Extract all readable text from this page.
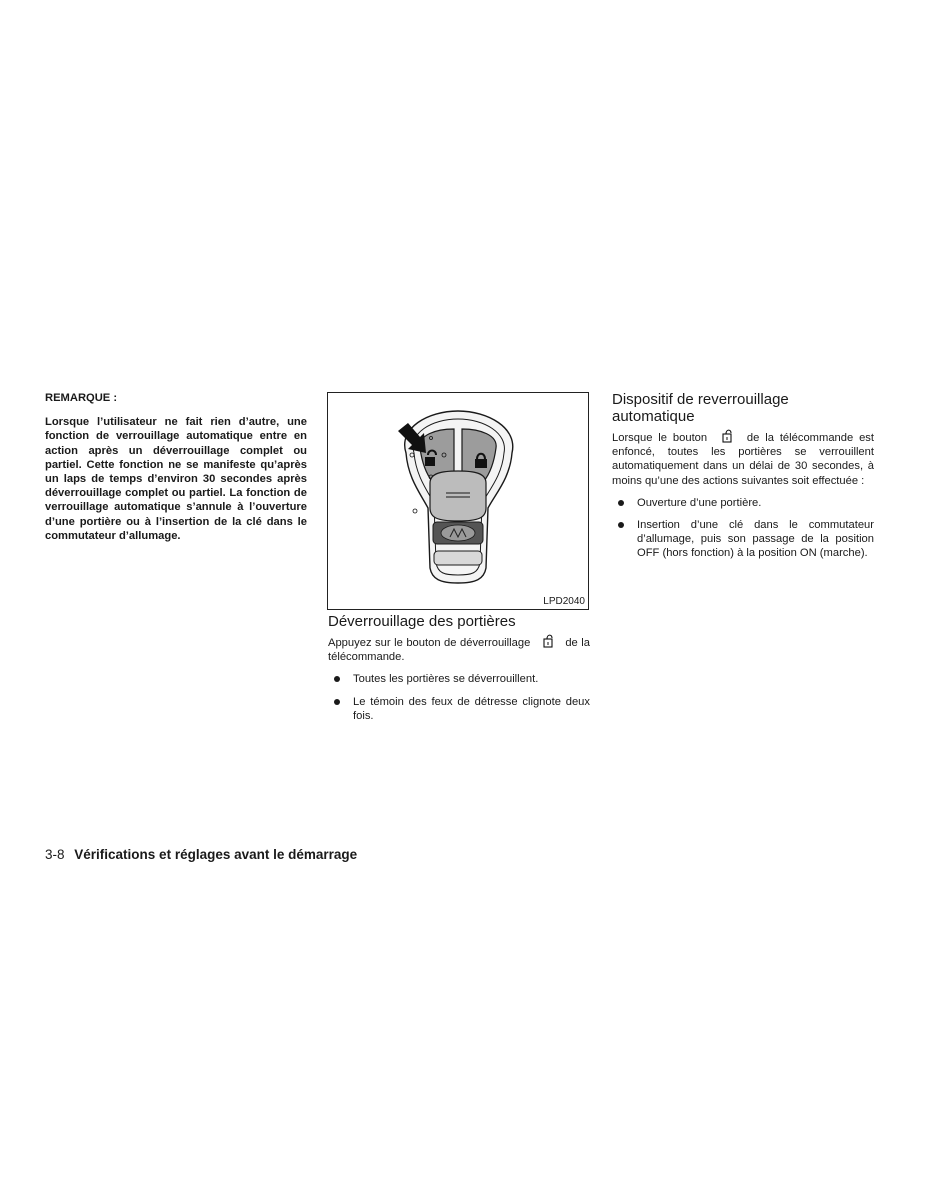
REMARQUE :
Lorsque l’utilisateur ne fait rien d’autre, une fonction de verrouillage automatique entre en action après un déverrouillage complet ou partiel. Cette fonction ne se manifeste qu’après un laps de temps d’environ 30 secondes après déverrouillage complet ou partiel. La fonction de verrouillage automatique s’annule à l’ouverture d’une portière ou à l’insertion de la clé dans le commutateur d’allumage.
LPD2040
Déverrouillage des portières
Appuyez sur le bouton de déverrouillage	de la télécommande.
Toutes les portières se déverrouillent.
Le témoin des feux de détresse clignote deux fois.
Dispositif de reverrouillage automatique
Lorsque le bouton	de la télécommande est enfoncé, toutes les portières se verrouillent automatiquement dans un délai de 30 secondes, à moins qu’une des actions suivantes soit effectuée :
Ouverture d’une portière.
Insertion d’une clé dans le commutateur d’allumage, puis son passage de la position OFF (hors fonction) à la position ON (marche).
3-8 Vérifications et réglages avant le démarrage
